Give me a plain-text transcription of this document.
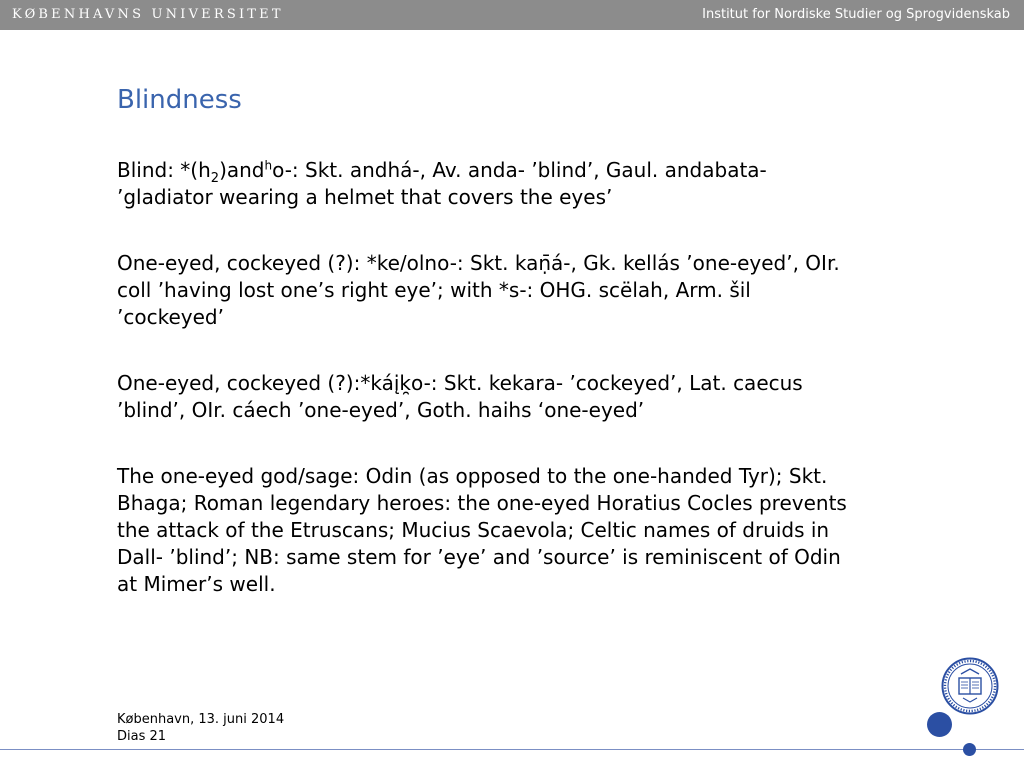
KØBENHAVNS UNIVERSITET	Institut for Nordiske Studier og Sprogvidenskab
Blindness

Blind: $*(h_2)and^ho-$: Skt. andhá-, Av. anda- ’blind’, Gaul. andabata- ’gladiator wearing a helmet that covers the eyes’

One-eyed, cockeyed (?): *ke/olno-: Skt. kaṇ̄á-, Gk. kellás ’one-eyed’, OIr. coll ’having lost one’s right eye’; with *s-: OHG. scëlah, Arm. šil ’cockeyed’

One-eyed, cockeyed (?):*káįk̯o-: Skt. kekara- ’cockeyed’, Lat. caecus ’blind’, OIr. cáech ’one-eyed’, Goth. haihs ‘one-eyed’

The one-eyed god/sage: Odin (as opposed to the one-handed Tyr); Skt. Bhaga; Roman legendary heroes: the one-eyed Horatius Cocles prevents the attack of the Etruscans; Mucius Scaevola; Celtic names of druids in Dall- ’blind’; NB: same stem for ’eye’ and ’source’ is reminiscent of Odin at Mimer’s well.

København, 13. juni 2014
Dias 21
